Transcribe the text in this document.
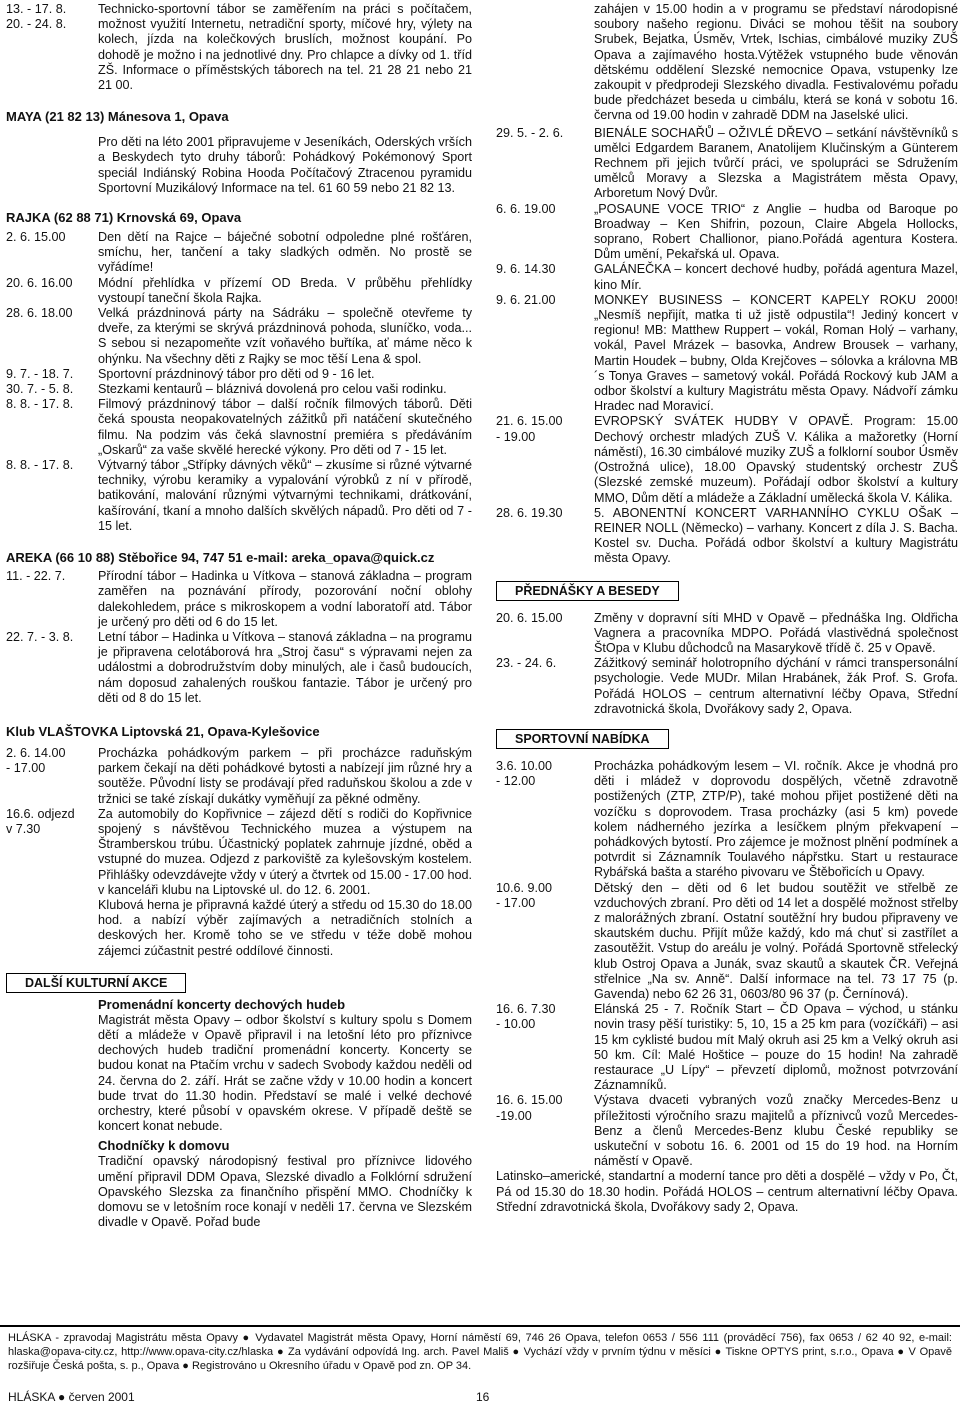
13. - 17. 8.
20. - 24. 8.
Technicko-sportovní tábor se zaměřením na práci s počítačem, možnost využití Internetu, netradiční sporty, míčové hry, výlety na kolech, jízda na kolečkových bruslích, možnost koupání. Po dohodě je možno i na jednotlivé dny. Pro chlapce a dívky od 1. tříd ZŠ. Informace o příměstských táborech na tel. 21 28 21 nebo 21 21 00.
MAYA (21 82 13) Mánesova 1, Opava
Pro děti na léto 2001 připravujeme v Jeseníkách, Oderských vrších a Beskydech tyto druhy táborů: Pohádkový Pokémonový Sport speciál Indiánský Robina Hooda Počítačový Ztracenou pyramidu Sportovní Muzikálový Informace na tel. 61 60 59 nebo 21 82 13.
RAJKA (62 88 71) Krnovská 69, Opava
2. 6. 15.00	Den dětí na Rajce – báječné sobotní odpoledne plné rošťáren, smíchu, her, tančení a taky sladkých odměn. No prostě se vyřádíme!
20. 6. 16.00	Módní přehlídka v přízemí OD Breda. V průběhu přehlídky vystoupí taneční škola Rajka.
28. 6. 18.00	Velká prázdninová párty na Sádráku – společně otevřeme ty dveře, za kterými se skrývá prázdninová pohoda, sluníčko, voda... S sebou si nezapomeňte vzít voňavého buřtíka, ať máme něco k ohýnku. Na všechny děti z Rajky se moc těší Lena & spol.
9. 7. - 18. 7.	Sportovní prázdninový tábor pro děti od 9 - 16 let.
30. 7. - 5. 8.	Stezkami kentaurů – bláznivá dovolená pro celou vaši rodinku.
8. 8. - 17. 8.	Filmový prázdninový tábor – další ročník filmových táborů. Děti čeká spousta neopakovatelných zážitků při natáčení skutečného filmu. Na podzim vás čeká slavnostní premiéra s předáváním „Oskarů“ za vaše skvělé herecké výkony. Pro děti od 7 - 15 let.
8. 8. - 17. 8.	Výtvarný tábor „Střípky dávných věků“ – zkusíme si různé výtvarné techniky, výrobu keramiky a vypalování výrobků z ní v přírodě, batikování, malování různými výtvarnými technikami, drátkování, kašírování, tkaní a mnoho dalších skvělých nápadů. Pro děti od 7 - 15 let.
AREKA (66 10 88) Stěbořice 94, 747 51 e-mail: areka_opava@quick.cz
11. - 22. 7.	Přírodní tábor – Hadinka u Vítkova – stanová základna – program zaměřen na poznávání přírody, pozorování noční oblohy dalekohledem, práce s mikroskopem a vodní laboratoří atd. Tábor je určený pro děti od 6 do 15 let.
22. 7. - 3. 8.	Letní tábor – Hadinka u Vítkova – stanová základna – na programu je připravena celotáborová hra „Stroj času“ s výpravami nejen za událostmi a dobrodružstvím doby minulých, ale i časů budoucích, nám doposud zahalených rouškou fantazie. Tábor je určený pro děti od 8 do 15 let.
Klub VLAŠTOVKA Liptovská 21, Opava-Kylešovice
2. 6. 14.00
- 17.00
Procházka pohádkovým parkem – při procházce raduňským parkem čekají na děti pohádkové bytosti a nabízejí jim různé hry a soutěže. Původní listy se prodávají před raduňskou školou a zde v tržnici se také získají dukátky vyměňují za pěkné odměny.
16.6. odjezd
v 7.30
Za automobily do Kopřivnice – zájezd dětí s rodiči do Kopřivnice spojený s návštěvou Technického muzea a výstupem na Štramberskou trúbu. Účastnický poplatek zahrnuje jízdné, oběd a vstupné do muzea. Odjezd z parkoviště za kylešovským kostelem. Přihlášky odevzdávejte vždy v úterý a čtvrtek od 15.00 - 17.00 hod. v kanceláři klubu na Liptovské ul. do 12. 6. 2001.
Klubová herna je připravná každé úterý a středu od 15.30 do 18.00 hod. a nabízí výběr zajímavých a netradičních stolních a deskových her. Kromě toho se ve středu v téže době mohou zájemci zúčastnit pestré oddílové činnosti.
DALŠÍ KULTURNÍ AKCE
Promenádní koncerty dechových hudeb
Magistrát města Opavy – odbor školství s kultury spolu s Domem dětí a mládeže v Opavě připravil i na letošní léto pro příznivce dechových hudeb tradiční promenádní koncerty. Koncerty se budou konat na Ptačím vrchu v sadech Svobody každou neděli od 24. června do 2. září. Hrát se začne vždy v 10.00 hodin a koncert bude trvat do 11.30 hodin. Představí se malé i velké dechové orchestry, které působí v opavském okrese. V případě deště se koncert konat nebude.
Chodníčky k domovu
Tradiční opavský národopisný festival pro příznivce lidového umění připravil DDM Opava, Slezské divadlo a Folklórní sdružení Opavského Slezska za finančního přispění MMO. Chodníčky k domovu se v letošním roce konají v neděli 17. června ve Slezském divadle v Opavě. Pořad bude
zahájen v 15.00 hodin a v programu se představí národopisné soubory našeho regionu. Diváci se mohou těšit na soubory Srubek, Bejatka, Úsměv, Vrtek, Ischias, cimbálové muziky ZUŠ Opava a zajímavého hosta.Výtěžek vstupného bude věnován dětskému oddělení Slezské nemocnice Opava, vstupenky lze zakoupit v předprodeji Slezského divadla. Festivalovému pořadu bude předcházet beseda u cimbálu, která se koná v sobotu 16. června od 19.00 hodin v zahradě DDM na Jaselské ulici.
29. 5. - 2. 6.	BIENÁLE SOCHAŘŮ – OŽIVLÉ DŘEVO – setkání návštěvníků s umělci Edgardem Baranem, Anatolijem Klučinským a Günterem Rechnem při jejich tvůrčí práci, ve spolupráci se Sdružením umělců Moravy a Slezska a Magistrátem města Opavy, Arboretum Nový Dvůr.
6. 6. 19.00	„POSAUNE VOCE TRIO“ z Anglie – hudba od Baroque po Broadway – Ken Shifrin, pozoun, Claire Abgela Hollocks, soprano, Robert Challionor, piano.Pořádá agentura Kostera. Dům umění, Pekařská ul. Opava.
9. 6. 14.30	GALÁNEČKA – koncert dechové hudby, pořádá agentura Mazel, kino Mír.
9. 6. 21.00	MONKEY BUSINESS – KONCERT KAPELY ROKU 2000! „Nesmíš nepřijít, matka ti už jistě odpustila“! Jediný koncert v regionu! MB: Matthew Ruppert – vokál, Roman Holý – varhany, vokál, Pavel Mrázek – basovka, Andrew Brousek – varhany, Martin Houdek – bubny, Olda Krejčoves – sólovka a královna MB´s Tonya Graves – sametový vokál. Pořádá Rockový kub JAM a odbor školství a kultury Magistrátu města Opavy. Nádvoří zámku Hradec nad Moravicí.
21. 6. 15.00
- 19.00
EVROPSKÝ SVÁTEK HUDBY V OPAVĚ. Program: 15.00 Dechový orchestr mladých ZUŠ V. Kálika a mažoretky (Horní náměstí), 16.30 cimbálové muziky ZUŠ a folklorní soubor Úsměv (Ostrožná ulice), 18.00 Opavský studentský orchestr ZUŠ (Slezské zemské muzeum). Pořádají odbor školství a kultury MMO, Dům dětí a mládeže a Základní umělecká škola V. Kálika.
28. 6. 19.30	5. ABONENTNÍ KONCERT VARHANNÍHO CYKLU OŠaK – REINER NOLL (Německo) – varhany. Koncert z díla J. S. Bacha. Kostel sv. Ducha. Pořádá odbor školství a kultury Magistrátu města Opavy.
PŘEDNÁŠKY A BESEDY
20. 6. 15.00	Změny v dopravní síti MHD v Opavě – přednáška Ing. Oldřicha Vagnera a pracovníka MDPO. Pořádá vlastivědná společnost ŠtOpa v Klubu důchodců na Masarykově třídě č. 25 v Opavě.
23. - 24. 6.	Zážitkový seminář holotropního dýchání v rámci transpersonální psychologie. Vede MUDr. Milan Hrabánek, žák Prof. S. Grofa. Pořádá HOLOS – centrum alternativní léčby Opava, Střední zdravotnická škola, Dvořákovy sady 2, Opava.
SPORTOVNÍ NABÍDKA
3.6. 10.00
- 12.00
Procházka pohádkovým lesem – VI. ročník. Akce je vhodná pro děti i mládež v doprovodu dospělých, včetně zdravotně postižených (ZTP, ZTP/P), také mohou přijet postižené děti na vozíčku s doprovodem. Trasa procházky (asi 5 km) povede kolem nádherného jezírka a lesíčkem plným překvapení – pohádkových bytostí. Pro zájemce je možnost plnění podmínek a potvrdit si Záznamník Toulavého nápřstku. Start u restaurace Rybářská bašta a starého pivovaru ve Štěbořicích u Opavy.
10.6. 9.00
- 17.00
Dětský den – děti od 6 let budou soutěžit ve střelbě ze vzduchových zbraní. Pro děti od 14 let a dospělé možnost střelby z malorážných zbraní. Ostatní soutěžní hry budou připraveny ve skautském duchu. Přijít může každý, kdo má chuť si zastřílet a zasoutěžit. Vstup do areálu je volný. Pořádá Sportovně střelecký klub Ostroj Opava a Junák, svaz skautů a skautek ČR. Veřejná střelnice „Na sv. Anně“. Další informace na tel. 73 17 75 (p. Gavenda) nebo 62 26 31, 0603/80 96 37 (p. Černínová).
16. 6. 7.30
- 10.00
Elánská 25 - 7. Ročník Start – ČD Opava – východ, u stánku novin trasy pěší turistiky: 5, 10, 15 a 25 km para (vozíčkáři) – asi 15 km cyklisté budou mít Malý okruh asi 25 km a Velký okruh asi 50 km. Cíl: Malé Hoštice – pouze do 15 hodin! Na zahradě restaurace „U Lípy“ – převzetí diplomů, možnost potvrzování Záznamníků.
16. 6. 15.00
-19.00
Výstava dvaceti vybraných vozů značky Mercedes-Benz u příležitosti výročního srazu majitelů a příznivců vozů Mercedes-Benz a členů Mercedes-Benz klubu České republiky se uskuteční v sobotu 16. 6. 2001 od 15 do 19 hod. na Horním náměstí v Opavě.
Latinsko–americké, standartní a moderní tance pro děti a dospělé – vždy v Po, Čt, Pá od 15.30 do 18.30 hodin. Pořádá HOLOS – centrum alternativní léčby Opava. Střední zdravotnická škola, Dvořákovy sady 2, Opava.
HLÁSKA - zpravodaj Magistrátu města Opavy ● Vydavatel Magistrát města Opavy, Horní náměstí 69, 746 26 Opava, telefon 0653 / 556 111 (prováděcí 756), fax 0653 / 62 40 92, e-mail: hlaska@opava-city.cz, http://www.opava-city.cz/hlaska ● Za vydávání odpovídá Ing. arch. Pavel Mališ ● Vychází vždy v prvním týdnu v měsíci ● Tiskne OPTYS print, s.r.o., Opava ● V Opavě rozšiřuje Česká pošta, s. p., Opava ● Registrováno u Okresního úřadu v Opavě pod zn. OP 34.
HLÁSKA ● červen 2001	16
